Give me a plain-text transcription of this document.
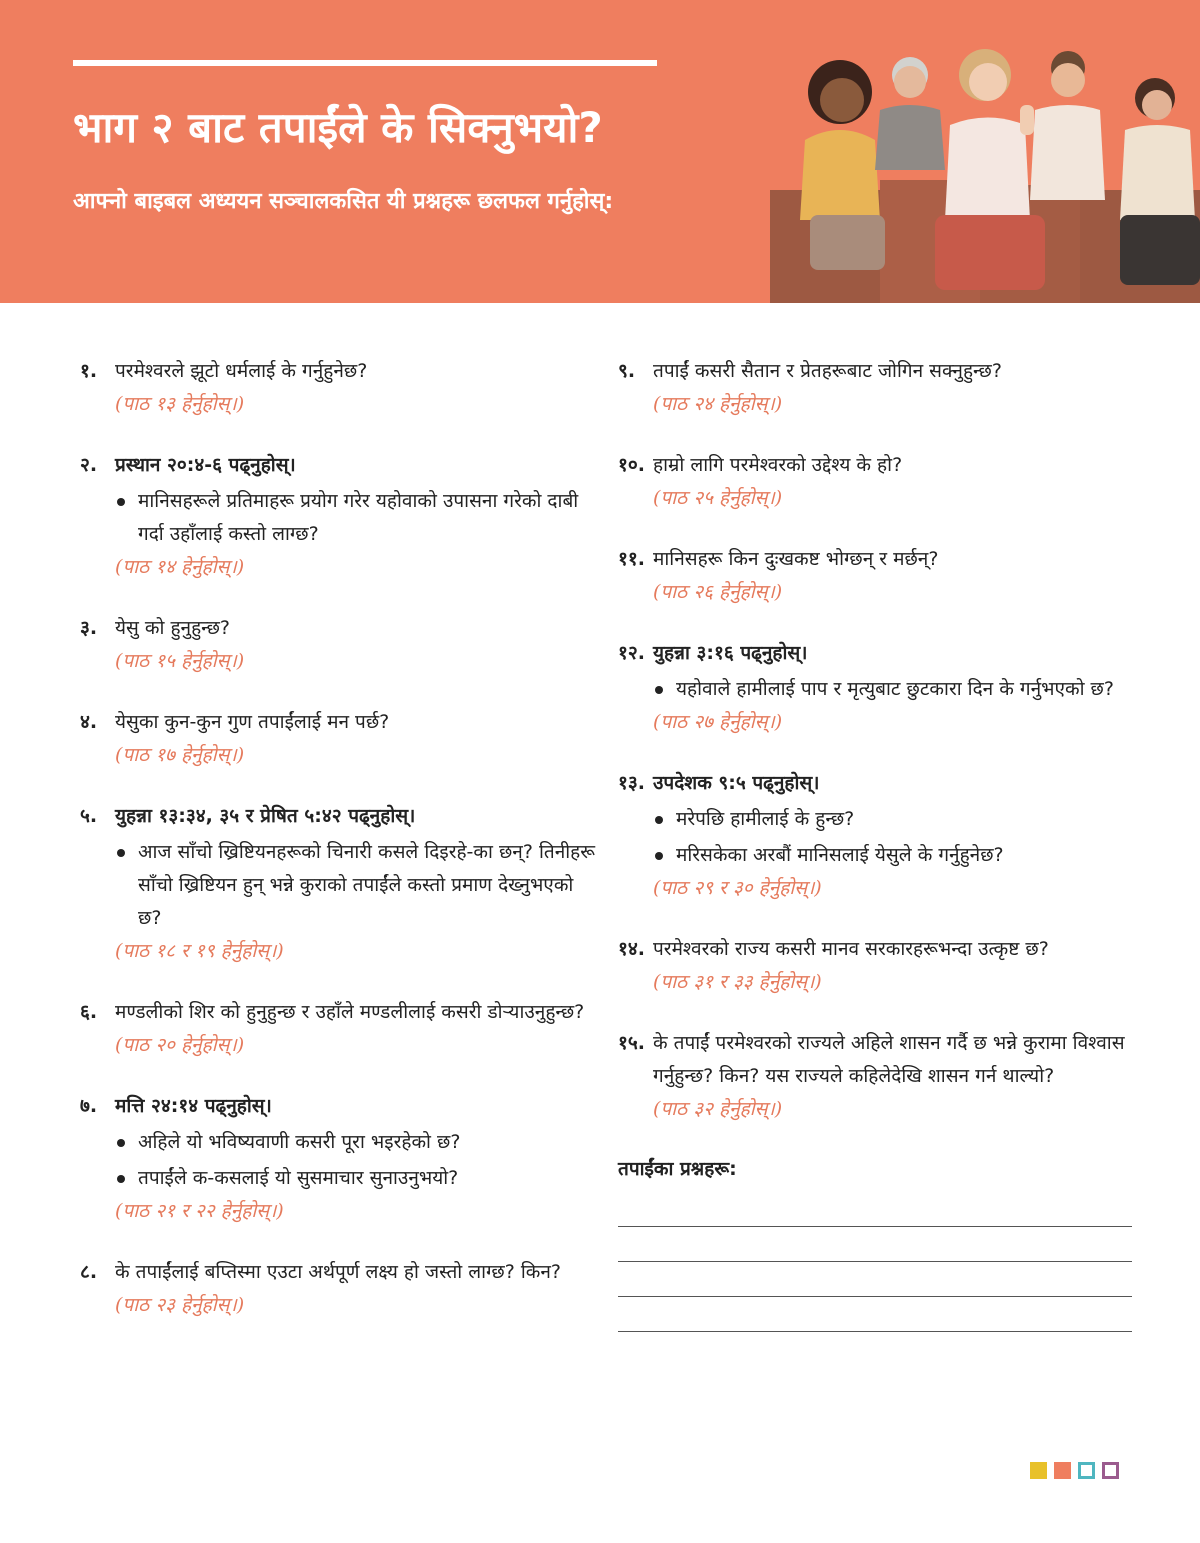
भाग २ बाट तपाईंले के सिक्नुभयो?

आफ्नो बाइबल अध्ययन सञ्चालकसित यी प्रश्नहरू छलफल गर्नुहोस्:

१. परमेश्वरले झूटो धर्मलाई के गर्नुहुनेछ?

(पाठ १३ हेर्नुहोस्।)

२. प्रस्थान २०:४-६ पढ्नुहोस्।

मानिसहरूले प्रतिमाहरू प्रयोग गरेर यहोवाको उपासना गरेको दाबी गर्दा उहाँलाई कस्तो लाग्छ?

(पाठ १४ हेर्नुहोस्।)

३. येसु को हुनुहुन्छ?

(पाठ १५ हेर्नुहोस्।)

४. येसुका कुन-कुन गुण तपाईंलाई मन पर्छ?

(पाठ १७ हेर्नुहोस्।)

५. युहन्ना १३:३४, ३५ र प्रेषित ५:४२ पढ्नुहोस्।

आज साँचो ख्रिष्टियनहरूको चिनारी कसले दिइरहे-का छन्? तिनीहरू साँचो ख्रिष्टियन हुन् भन्ने कुराको तपाईंले कस्तो प्रमाण देख्नुभएको छ?

(पाठ १८ र १९ हेर्नुहोस्।)

६. मण्डलीको शिर को हुनुहुन्छ र उहाँले मण्डलीलाई कसरी डोऱ्याउनुहुन्छ?

(पाठ २० हेर्नुहोस्।)

७. मत्ति २४:१४ पढ्नुहोस्।

अहिले यो भविष्यवाणी कसरी पूरा भइरहेको छ?
तपाईंले क-कसलाई यो सुसमाचार सुनाउनुभयो?

(पाठ २१ र २२ हेर्नुहोस्।)

८. के तपाईंलाई बप्तिस्मा एउटा अर्थपूर्ण लक्ष्य हो जस्तो लाग्छ? किन?

(पाठ २३ हेर्नुहोस्।)

९. तपाईं कसरी सैतान र प्रेतहरूबाट जोगिन सक्नुहुन्छ?

(पाठ २४ हेर्नुहोस्।)

१०. हाम्रो लागि परमेश्वरको उद्देश्य के हो?

(पाठ २५ हेर्नुहोस्।)

११. मानिसहरू किन दुःखकष्ट भोग्छन् र मर्छन्?

(पाठ २६ हेर्नुहोस्।)

१२. युहन्ना ३:१६ पढ्नुहोस्।

यहोवाले हामीलाई पाप र मृत्युबाट छुटकारा दिन के गर्नुभएको छ?

(पाठ २७ हेर्नुहोस्।)

१३. उपदेशक ९:५ पढ्नुहोस्।

मरेपछि हामीलाई के हुन्छ?
मरिसकेका अरबौं मानिसलाई येसुले के गर्नुहुनेछ?

(पाठ २९ र ३० हेर्नुहोस्।)

१४. परमेश्वरको राज्य कसरी मानव सरकारहरूभन्दा उत्कृष्ट छ?

(पाठ ३१ र ३३ हेर्नुहोस्।)

१५. के तपाईं परमेश्वरको राज्यले अहिले शासन गर्दै छ भन्ने कुरामा विश्वास गर्नुहुन्छ? किन? यस राज्यले कहिलेदेखि शासन गर्न थाल्यो?

(पाठ ३२ हेर्नुहोस्।)

तपाईंका प्रश्नहरू:
